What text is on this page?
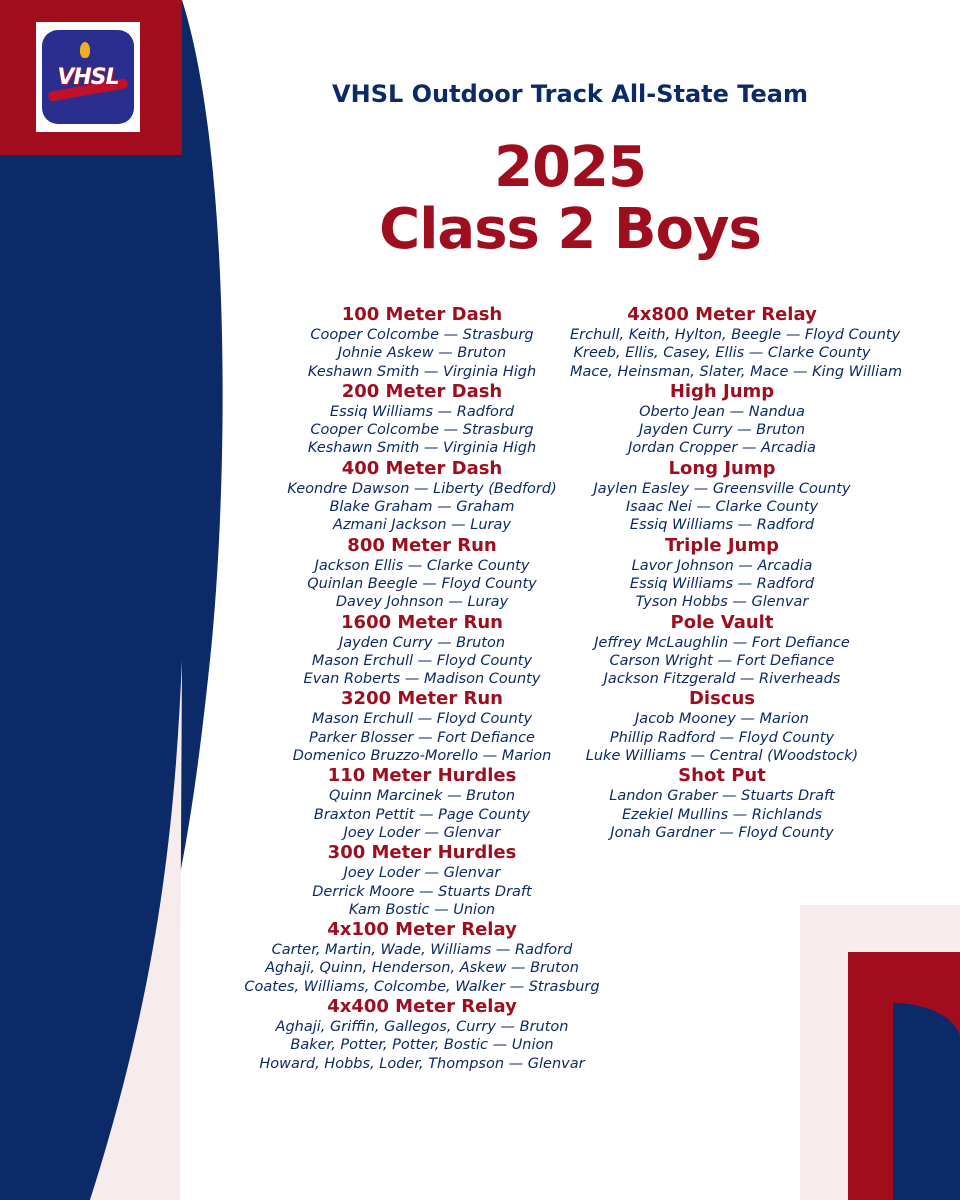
VHSL
VHSL Outdoor Track All-State Team
2025
Class 2 Boys
100 Meter Dash
Cooper Colcombe — Strasburg
Johnie Askew — Bruton
Keshawn Smith — Virginia High
200 Meter Dash
Essiq Williams — Radford
Cooper Colcombe — Strasburg
Keshawn Smith — Virginia High
400 Meter Dash
Keondre Dawson — Liberty (Bedford)
Blake Graham — Graham
Azmani Jackson — Luray
800 Meter Run
Jackson Ellis — Clarke County
Quinlan Beegle — Floyd County
Davey Johnson — Luray
1600 Meter Run
Jayden Curry — Bruton
Mason Erchull — Floyd County
Evan Roberts — Madison County
3200 Meter Run
Mason Erchull — Floyd County
Parker Blosser — Fort Defiance
Domenico Bruzzo-Morello — Marion
110 Meter Hurdles
Quinn Marcinek — Bruton
Braxton Pettit — Page County
Joey Loder — Glenvar
300 Meter Hurdles
Joey Loder — Glenvar
Derrick Moore — Stuarts Draft
Kam Bostic — Union
4x100 Meter Relay
Carter, Martin, Wade, Williams — Radford
Aghaji, Quinn, Henderson, Askew — Bruton
Coates, Williams, Colcombe, Walker — Strasburg
4x400 Meter Relay
Aghaji, Griffin, Gallegos, Curry — Bruton
Baker, Potter, Potter, Bostic — Union
Howard, Hobbs, Loder, Thompson — Glenvar
4x800 Meter Relay
Erchull, Keith, Hylton, Beegle — Floyd County
Kreeb, Ellis, Casey, Ellis — Clarke County
Mace, Heinsman, Slater, Mace — King William
High Jump
Oberto Jean — Nandua
Jayden Curry — Bruton
Jordan Cropper — Arcadia
Long Jump
Jaylen Easley — Greensville County
Isaac Nei — Clarke County
Essiq Williams — Radford
Triple Jump
Lavor Johnson — Arcadia
Essiq Williams — Radford
Tyson Hobbs — Glenvar
Pole Vault
Jeffrey McLaughlin — Fort Defiance
Carson Wright — Fort Defiance
Jackson Fitzgerald — Riverheads
Discus
Jacob Mooney — Marion
Phillip Radford — Floyd County
Luke Williams — Central (Woodstock)
Shot Put
Landon Graber — Stuarts Draft
Ezekiel Mullins — Richlands
Jonah Gardner — Floyd County
